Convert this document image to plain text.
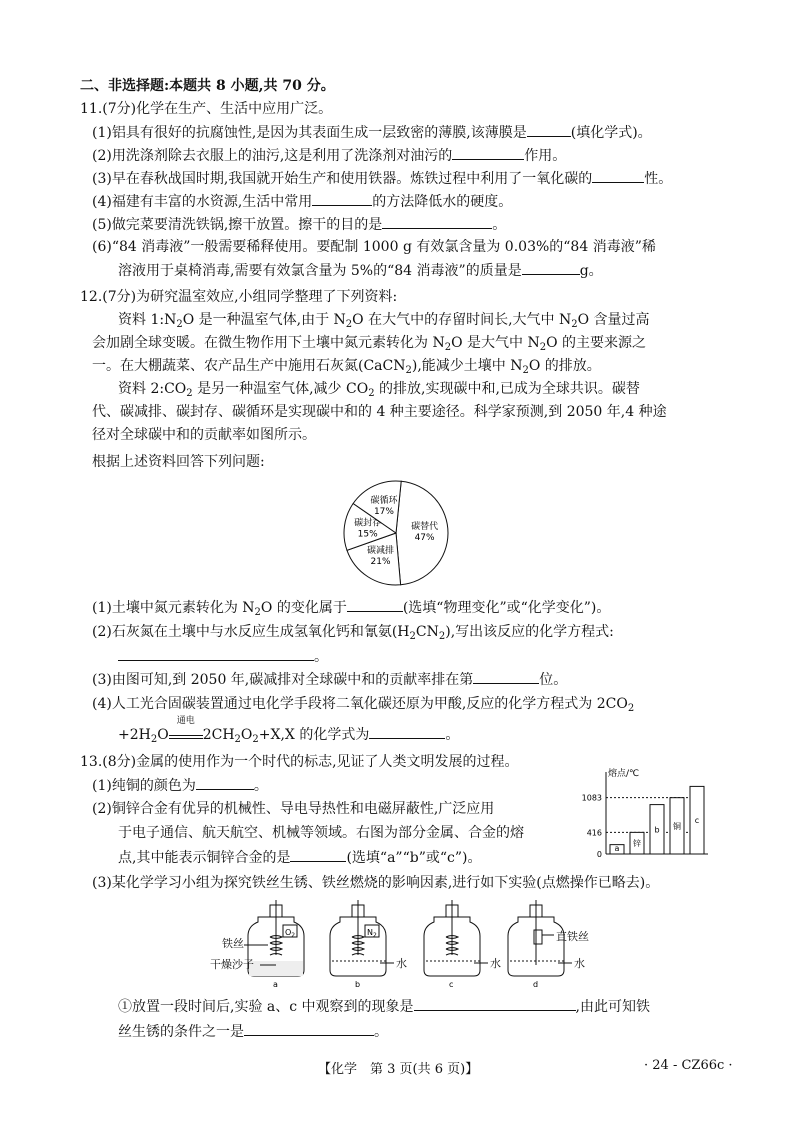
二、非选择题:本题共 8 小题,共 70 分。
11.(7分)化学在生产、生活中应用广泛。
(1)铝具有很好的抗腐蚀性,是因为其表面生成一层致密的薄膜,该薄膜是	(填化学式)。
(2)用洗涤剂除去衣服上的油污,这是利用了洗涤剂对油污的	作用。
(3)早在春秋战国时期,我国就开始生产和使用铁器。炼铁过程中利用了一氧化碳的	性。
(4)福建有丰富的水资源,生活中常用	的方法降低水的硬度。
(5)做完菜要清洗铁锅,擦干放置。擦干的目的是	。
(6)“84 消毒液”一般需要稀释使用。要配制 1000 g 有效氯含量为 0.03%的“84 消毒液”稀
溶液用于桌椅消毒,需要有效氯含量为 5%的“84 消毒液”的质量是	g。
12.(7分)为研究温室效应,小组同学整理了下列资料:
资料 $1:N_2O$ 是一种温室气体,由于 $N_2O$ 在大气中的存留时间长,大气中 $N_2O$ 含量过高
会加剧全球变暖。在微生物作用下土壤中氮元素转化为 $N_2O$ 是大气中 $N_2O$ 的主要来源之
一。在大棚蔬菜、农产品生产中施用石灰氮(CaCN$_2$),能减少土壤中 $N_2O$ 的排放。
资料 $2:CO_2$ 是另一种温室气体,减少 $CO_2$ 的排放,实现碳中和,已成为全球共识。碳替
代、碳减排、碳封存、碳循环是实现碳中和的 4 种主要途径。科学家预测,到 2050 年,4 种途
径对全球碳中和的贡献率如图所示。
根据上述资料回答下列问题:
碳替代
47%
碳减排
21%
碳封存
15%
碳循环
17%
(1)土壤中氮元素转化为 $N_2O$ 的变化属于	(选填“物理变化”或“化学变化”)。
(2)石灰氮在土壤中与水反应生成氢氧化钙和氰氨$(H_2CN_2)$,写出该反应的化学方程式:
。
(3)由图可知,到 2050 年,碳减排对全球碳中和的贡献率排在第	位。
(4)人工光合固碳装置通过电化学手段将二氧化碳还原为甲酸,反应的化学方程式为 $2CO_2$
$+2H_2O$
通电
$2CH_2O_2+X,X$ 的化学式为	。
13.(8分)金属的使用作为一个时代的标志,见证了人类文明发展的过程。
(1)纯铜的颜色为	。
(2)铜锌合金有优异的机械性、导电导热性和电磁屏蔽性,广泛应用
于电子通信、航天航空、机械等领域。右图为部分金属、合金的熔
点,其中能表示铜锌合金的是	(选填“a”“b”或“c”)。
熔点/℃
1083
416
0
a
锌
b 铜
c
(3)某化学学习小组为探究铁丝生锈、铁丝燃烧的影响因素,进行如下实验(点燃操作已略去)。
$O_2$
a
$N_2$
b	c	d
铁丝
干燥沙子	水	水
直铁丝
水
①放置一段时间后,实验 a、c 中观察到的现象是	,由此可知铁
丝生锈的条件之一是	。
【化学　第 3 页(共 6 页)】	· 24 - CZ66c ·
